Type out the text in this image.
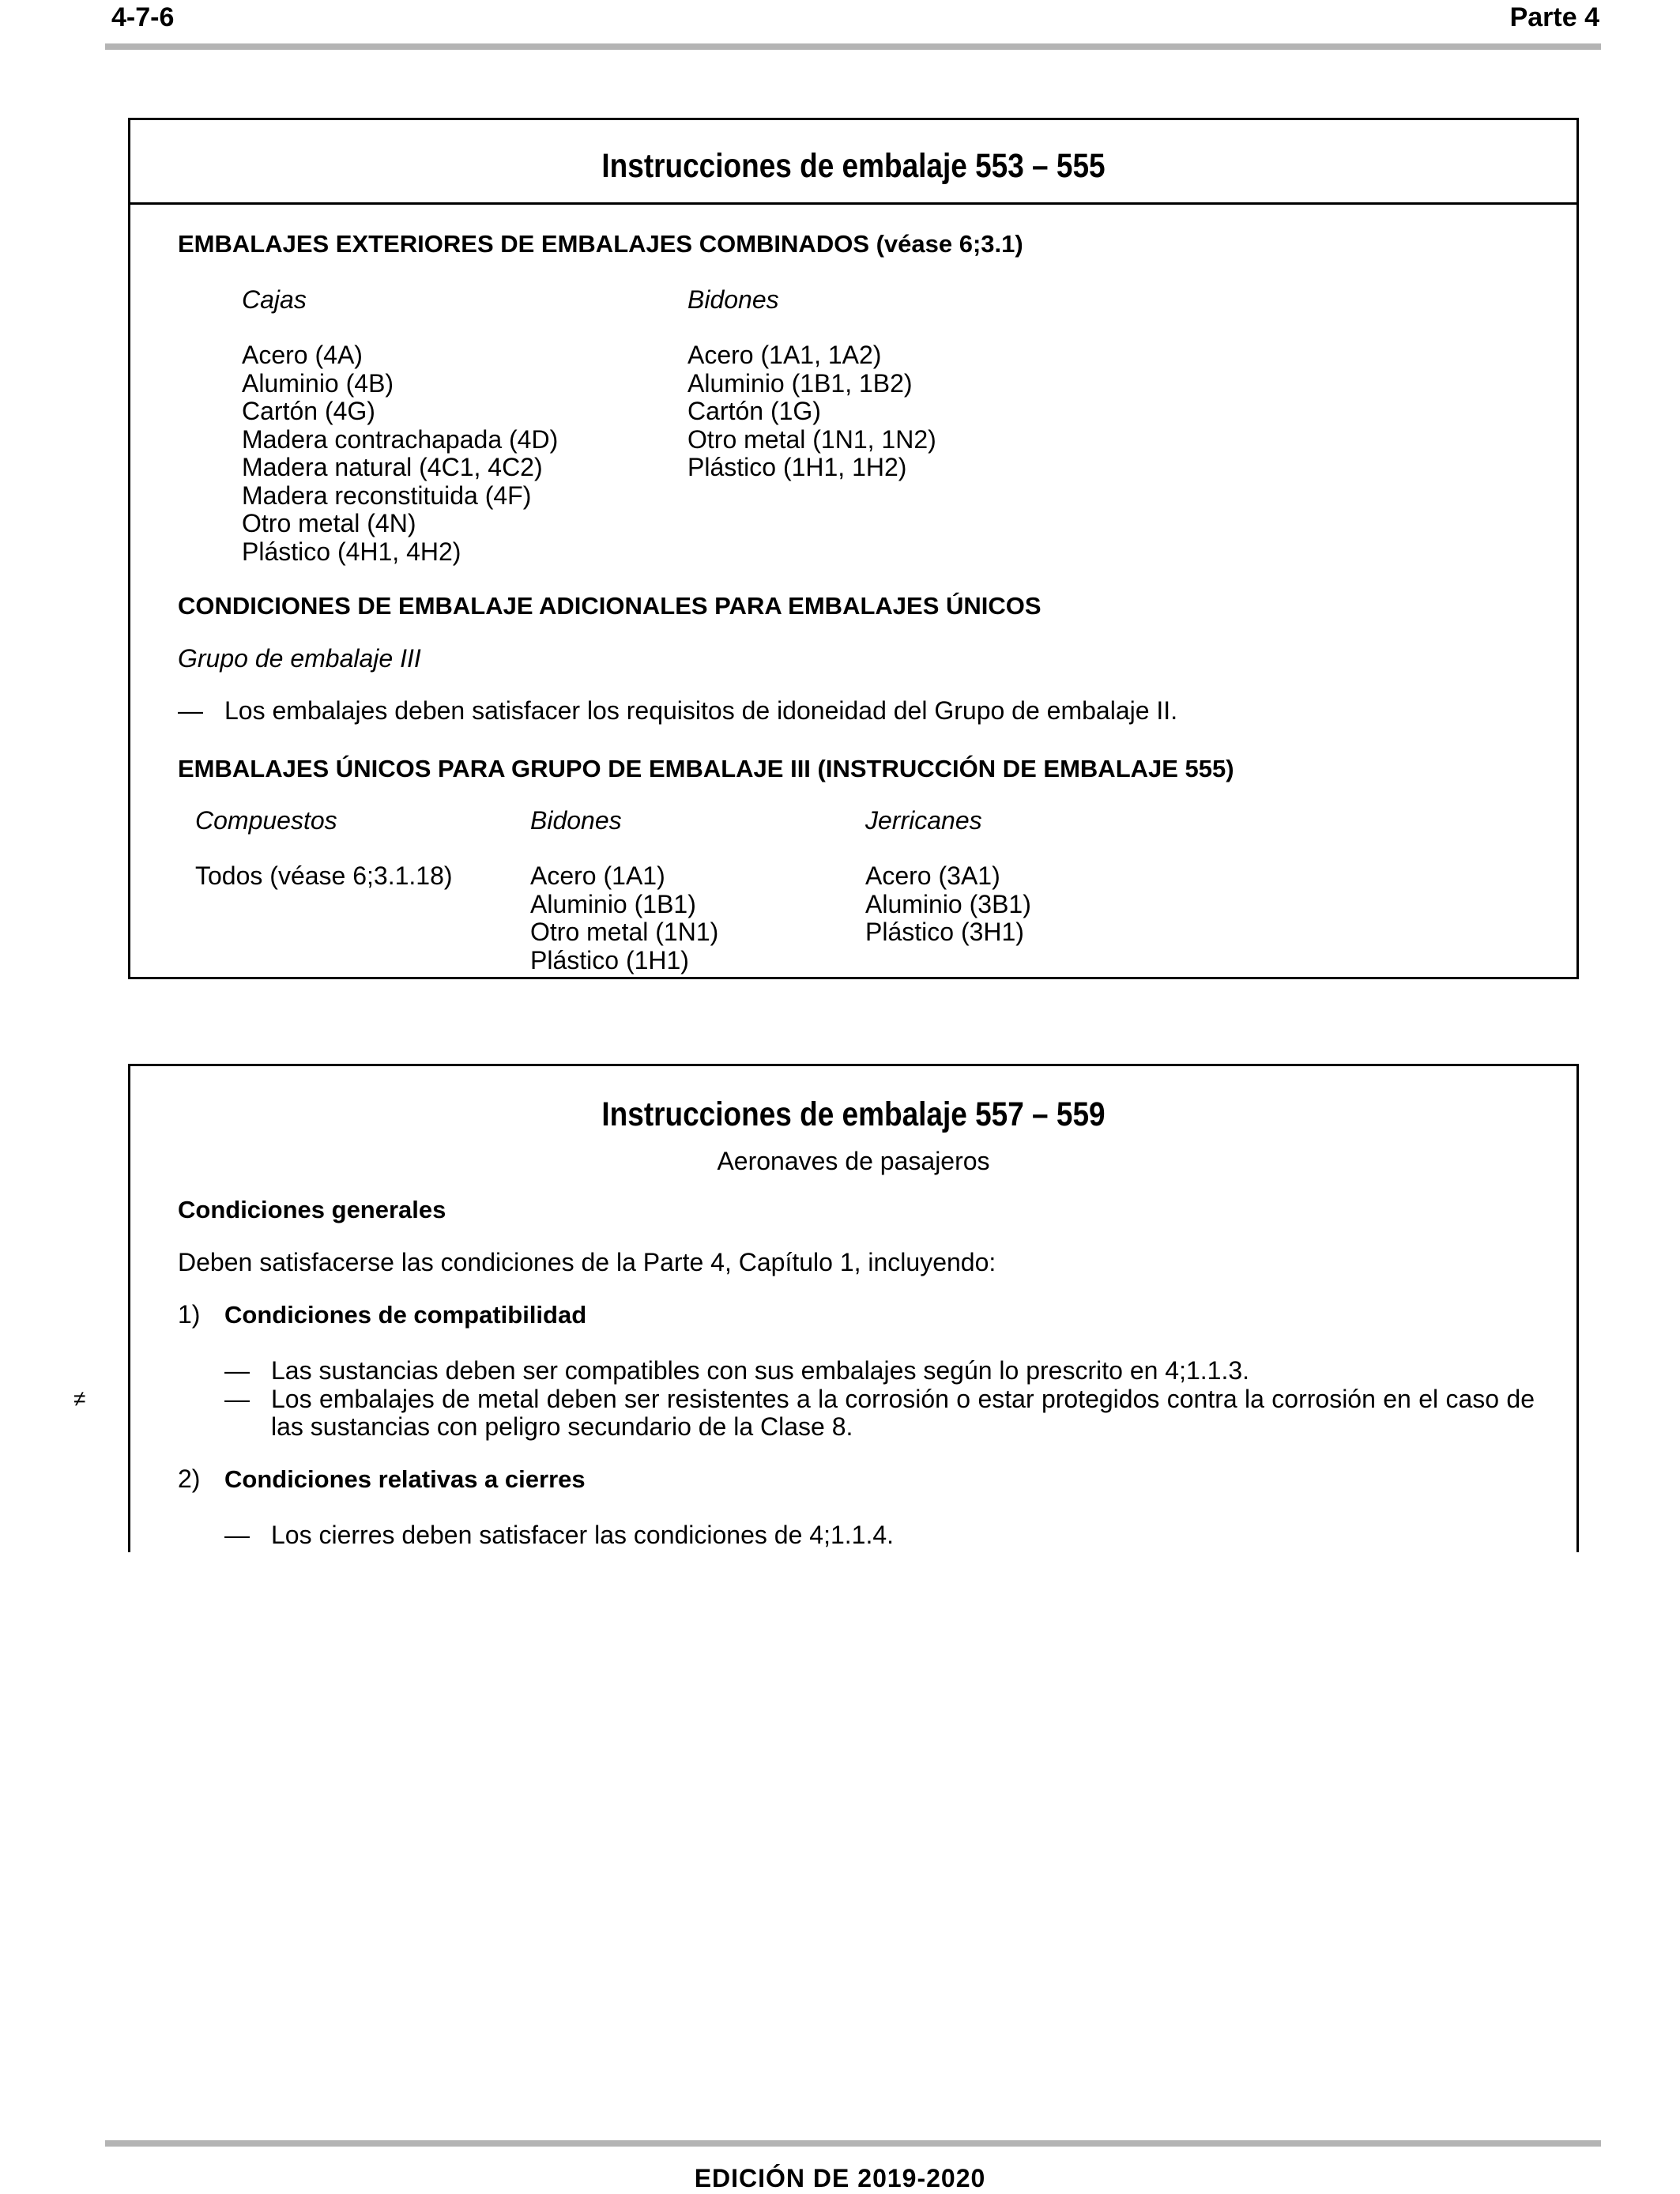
4-7-6	Parte 4
Instrucciones de embalaje 553 – 555
EMBALAJES EXTERIORES DE EMBALAJES COMBINADOS (véase 6;3.1)
Cajas
Acero (4A)
Aluminio (4B)
Cartón (4G)
Madera contrachapada (4D)
Madera natural (4C1, 4C2)
Madera reconstituida (4F)
Otro metal (4N)
Plástico (4H1, 4H2)
Bidones
Acero (1A1, 1A2)
Aluminio (1B1, 1B2)
Cartón (1G)
Otro metal (1N1, 1N2)
Plástico (1H1, 1H2)
CONDICIONES DE EMBALAJE ADICIONALES PARA EMBALAJES ÚNICOS
Grupo de embalaje III
— Los embalajes deben satisfacer los requisitos de idoneidad del Grupo de embalaje II.
EMBALAJES ÚNICOS PARA GRUPO DE EMBALAJE III (INSTRUCCIÓN DE EMBALAJE 555)
Compuestos
Todos (véase 6;3.1.18)
Bidones
Acero (1A1)
Aluminio (1B1)
Otro metal (1N1)
Plástico (1H1)
Jerricanes
Acero (3A1)
Aluminio (3B1)
Plástico (3H1)
Instrucciones de embalaje 557 – 559
Aeronaves de pasajeros
Condiciones generales
Deben satisfacerse las condiciones de la Parte 4, Capítulo 1, incluyendo:
1) Condiciones de compatibilidad
— Las sustancias deben ser compatibles con sus embalajes según lo prescrito en 4;1.1.3.
— Los embalajes de metal deben ser resistentes a la corrosión o estar protegidos contra la corrosión en el caso de las sustancias con peligro secundario de la Clase 8.
2) Condiciones relativas a cierres
— Los cierres deben satisfacer las condiciones de 4;1.1.4.
≠
EDICIÓN DE 2019-2020
